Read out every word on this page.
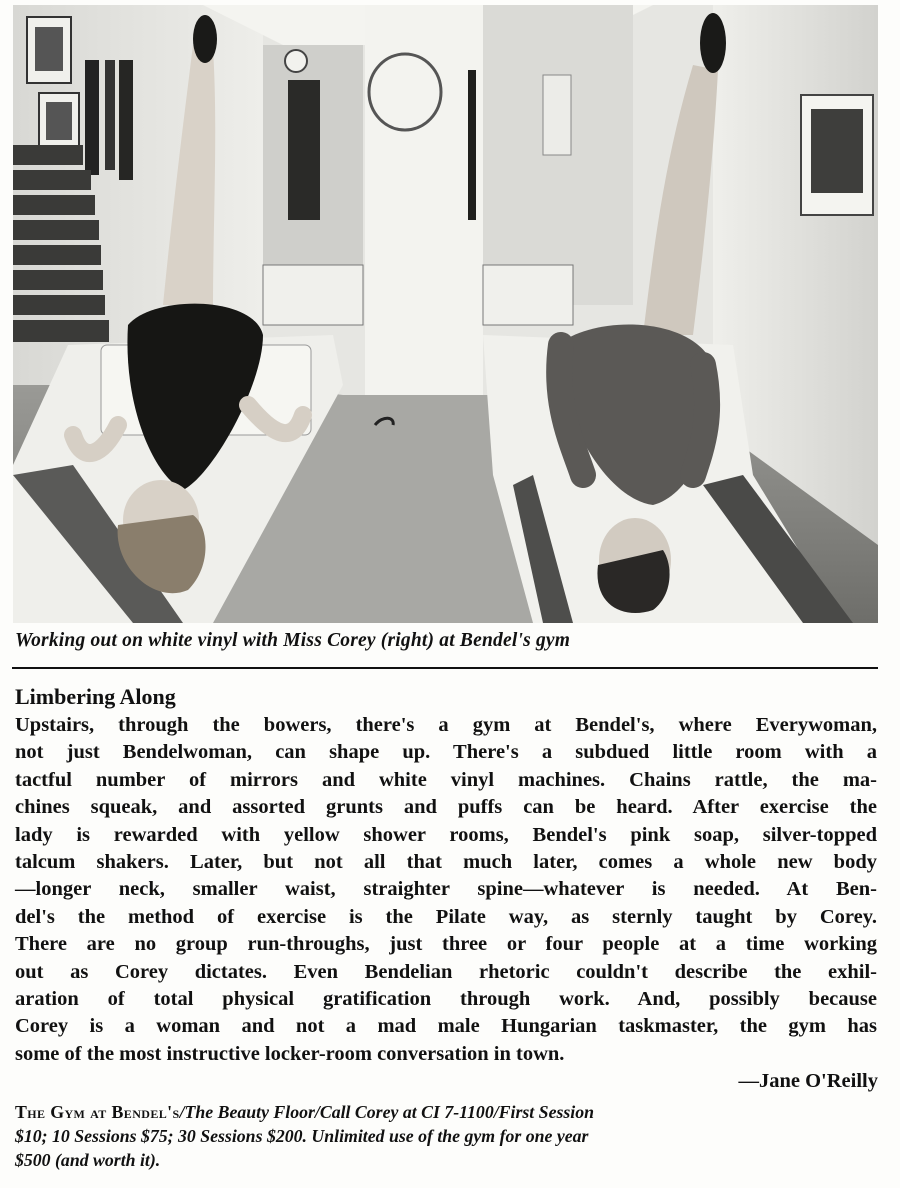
Working out on white vinyl with Miss Corey (right) at Bendel's gym
Limbering Along
Upstairs, through the bowers, there's a gym at Bendel's, where Everywoman,
not just Bendelwoman, can shape up. There's a subdued little room with a
tactful number of mirrors and white vinyl machines. Chains rattle, the ma-
chines squeak, and assorted grunts and puffs can be heard. After exercise the
lady is rewarded with yellow shower rooms, Bendel's pink soap, silver-topped
talcum shakers. Later, but not all that much later, comes a whole new body
—longer neck, smaller waist, straighter spine—whatever is needed. At Ben-
del's the method of exercise is the Pilate way, as sternly taught by Corey.
There are no group run-throughs, just three or four people at a time working
out as Corey dictates. Even Bendelian rhetoric couldn't describe the exhil-
aration of total physical gratification through work. And, possibly because
Corey is a woman and not a mad male Hungarian taskmaster, the gym has
some of the most instructive locker-room conversation in town.
—Jane O'Reilly
The Gym at Bendel's/The Beauty Floor/Call Corey at CI 7-1100/First Session
$10; 10 Sessions $75; 30 Sessions $200. Unlimited use of the gym for one year
$500 (and worth it).
